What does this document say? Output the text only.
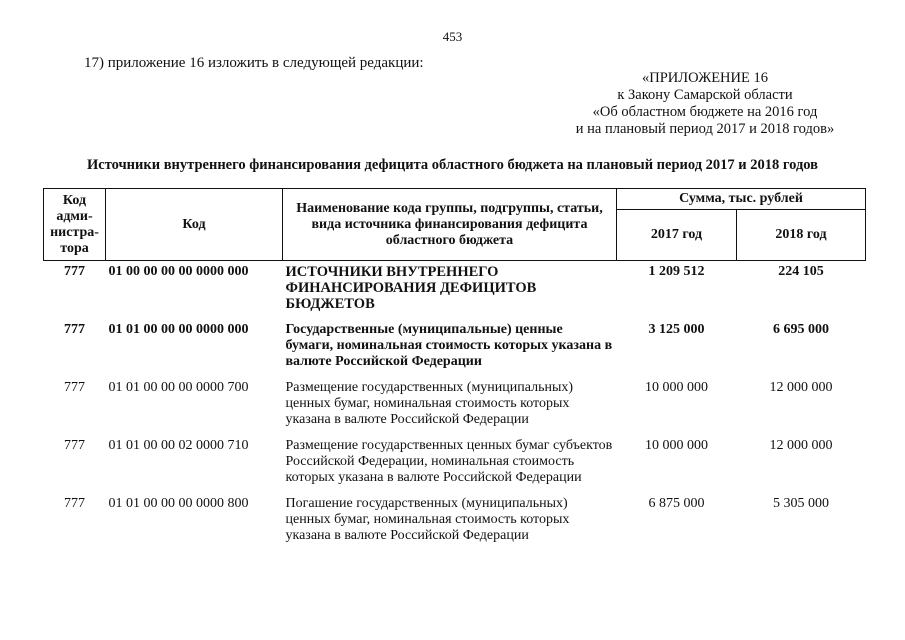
453
17) приложение 16 изложить в следующей редакции:
«ПРИЛОЖЕНИЕ 16
к Закону Самарской области
«Об областном бюджете на 2016 год
и на плановый период 2017 и 2018 годов»
Источники внутреннего финансирования дефицита областного бюджета на плановый период 2017 и 2018 годов
Код адми-нистра-тора	Код	Наименование кода группы, подгруппы, статьи, вида источника финансирования дефицита областного бюджета	Сумма, тыс. рублей	
			2017 год	2018 год
777	01 00 00 00 00 0000 000	ИСТОЧНИКИ ВНУТРЕННЕГО ФИНАНСИРОВАНИЯ ДЕФИЦИТОВ БЮДЖЕТОВ	1 209 512	224 105
777	01 01 00 00 00 0000 000	Государственные (муниципальные) ценные бумаги, номинальная стоимость которых указана в валюте Российской Федерации	3 125 000	6 695 000
777	01 01 00 00 00 0000 700	Размещение государственных (муниципальных) ценных бумаг, номинальная стоимость которых указана в валюте Российской Федерации	10 000 000	12 000 000
777	01 01 00 00 02 0000 710	Размещение государственных ценных бумаг субъектов Российской Федерации, номинальная стоимость которых указана в валюте Российской Федерации	10 000 000	12 000 000
777	01 01 00 00 00 0000 800	Погашение государственных (муниципальных) ценных бумаг, номинальная стоимость которых указана в валюте Российской Федерации	6 875 000	5 305 000
